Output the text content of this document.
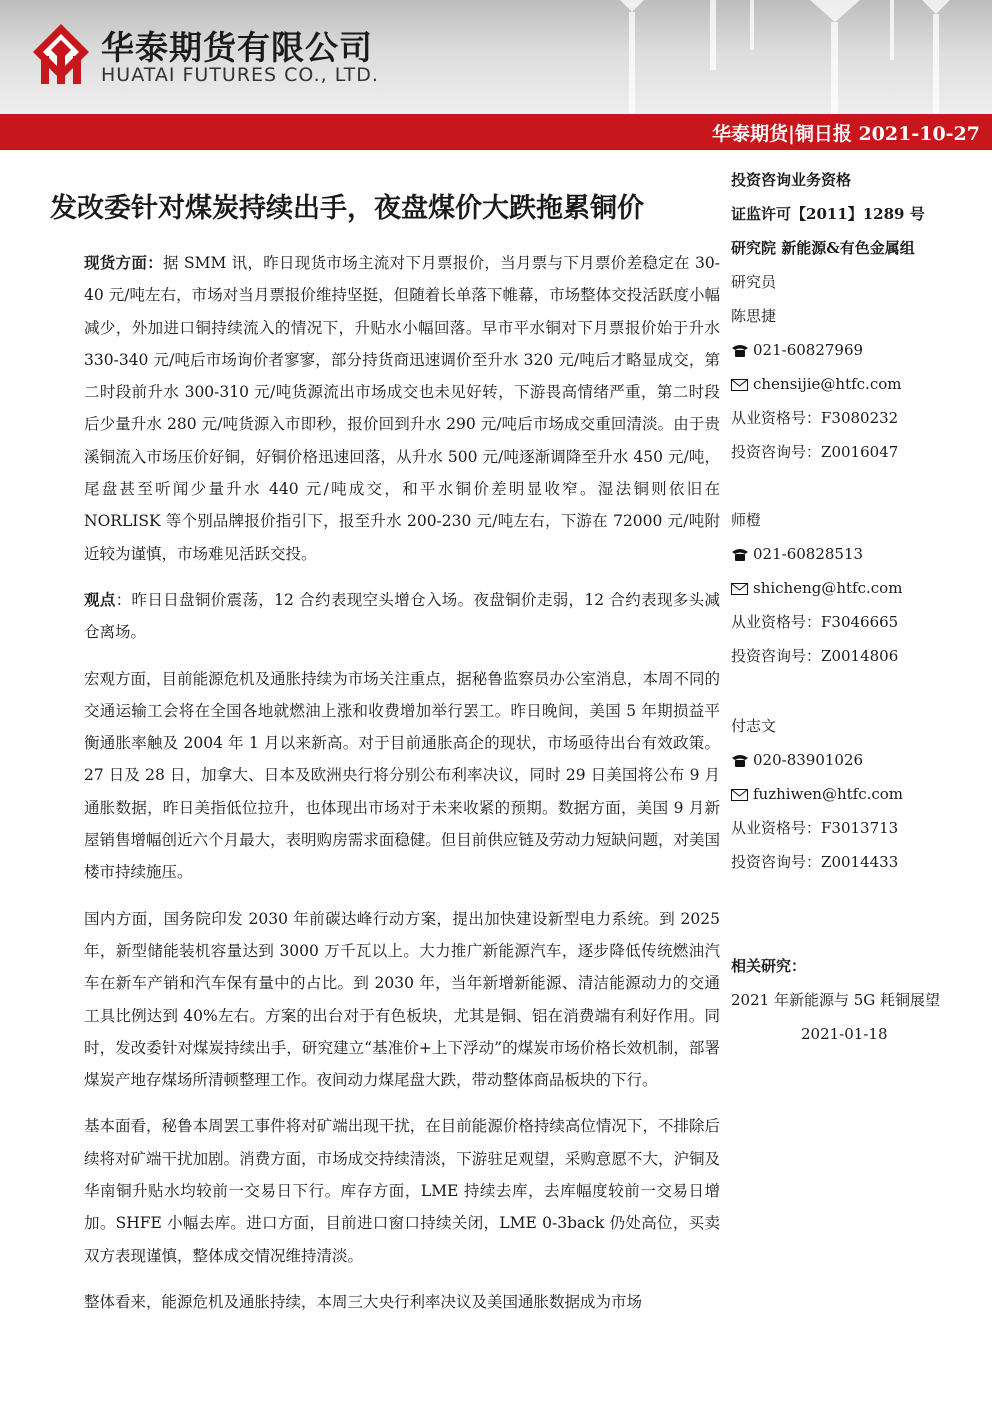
华泰期货有限公司
HUATAI FUTURES CO., LTD.
华泰期货|铜日报 2021-10-27
发改委针对煤炭持续出手，夜盘煤价大跌拖累铜价

现货方面：据 SMM 讯，昨日现货市场主流对下月票报价，当月票与下月票价差稳定在 30-40 元/吨左右，市场对当月票报价维持坚挺，但随着长单落下帷幕，市场整体交投活跃度小幅减少，外加进口铜持续流入的情况下，升贴水小幅回落。早市平水铜对下月票报价始于升水 330-340 元/吨后市场询价者寥寥，部分持货商迅速调价至升水 320 元/吨后才略显成交，第二时段前升水 300-310 元/吨货源流出市场成交也未见好转，下游畏高情绪严重，第二时段后少量升水 280 元/吨货源入市即秒，报价回到升水 290 元/吨后市场成交重回清淡。由于贵溪铜流入市场压价好铜，好铜价格迅速回落，从升水 500 元/吨逐渐调降至升水 450 元/吨，尾盘甚至听闻少量升水 440 元/吨成交，和平水铜价差明显收窄。湿法铜则依旧在 NORLISK 等个别品牌报价指引下，报至升水 200-230 元/吨左右，下游在 72000 元/吨附近较为谨慎，市场难见活跃交投。

观点：昨日日盘铜价震荡，12 合约表现空头增仓入场。夜盘铜价走弱，12 合约表现多头减仓离场。

宏观方面，目前能源危机及通胀持续为市场关注重点，据秘鲁监察员办公室消息，本周不同的交通运输工会将在全国各地就燃油上涨和收费增加举行罢工。昨日晚间，美国 5 年期损益平衡通胀率触及 2004 年 1 月以来新高。对于目前通胀高企的现状，市场亟待出台有效政策。27 日及 28 日，加拿大、日本及欧洲央行将分别公布利率决议，同时 29 日美国将公布 9 月通胀数据，昨日美指低位拉升，也体现出市场对于未来收紧的预期。数据方面，美国 9 月新屋销售增幅创近六个月最大，表明购房需求面稳健。但目前供应链及劳动力短缺问题，对美国楼市持续施压。

国内方面，国务院印发 2030 年前碳达峰行动方案，提出加快建设新型电力系统。到 2025 年，新型储能装机容量达到 3000 万千瓦以上。大力推广新能源汽车，逐步降低传统燃油汽车在新车产销和汽车保有量中的占比。到 2030 年，当年新增新能源、清洁能源动力的交通工具比例达到 40%左右。方案的出台对于有色板块，尤其是铜、铝在消费端有利好作用。同时，发改委针对煤炭持续出手，研究建立“基准价+上下浮动”的煤炭市场价格长效机制，部署煤炭产地存煤场所清顿整理工作。夜间动力煤尾盘大跌，带动整体商品板块的下行。

基本面看，秘鲁本周罢工事件将对矿端出现干扰，在目前能源价格持续高位情况下，不排除后续将对矿端干扰加剧。消费方面，市场成交持续清淡，下游驻足观望，采购意愿不大，沪铜及华南铜升贴水均较前一交易日下行。库存方面，LME 持续去库，去库幅度较前一交易日增加。SHFE 小幅去库。进口方面，目前进口窗口持续关闭，LME 0-3back 仍处高位，买卖双方表现谨慎，整体成交情况维持清淡。

整体看来，能源危机及通胀持续，本周三大央行利率决议及美国通胀数据成为市场

投资咨询业务资格
证监许可【2011】1289 号
研究院 新能源&有色金属组
研究员
陈思捷
021-60827969
chensijie@htfc.com
从业资格号：F3080232
投资咨询号：Z0016047
师橙
021-60828513
shicheng@htfc.com
从业资格号：F3046665
投资咨询号：Z0014806
付志文
020-83901026
fuzhiwen@htfc.com
从业资格号：F3013713
投资咨询号：Z0014433
相关研究：
2021 年新能源与 5G 耗铜展望
2021-01-18
